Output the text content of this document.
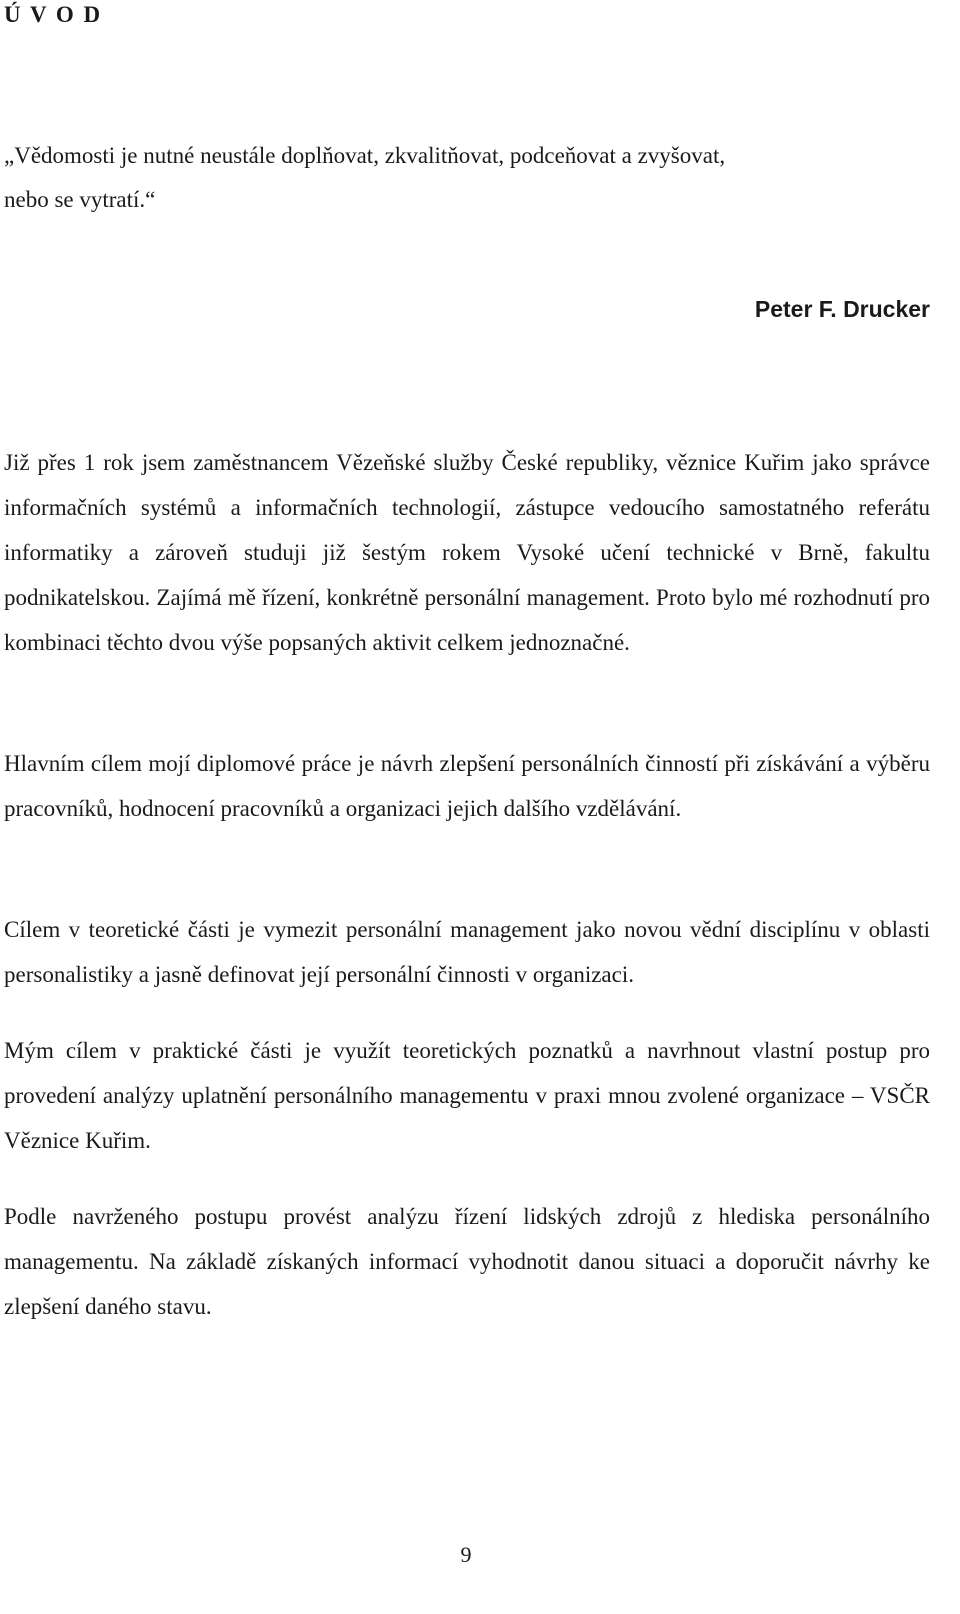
Ú V O D

„Vědomosti je nutné neustále doplňovat, zkvalitňovat, podceňovat a zvyšovat,
nebo se vytratí.“

Peter F. Drucker

Již přes 1 rok jsem zaměstnancem Vězeňské služby České republiky, věznice Kuřim jako správce informačních systémů a informačních technologií, zástupce vedoucího samostatného referátu informatiky a zároveň studuji již šestým rokem Vysoké učení technické v Brně, fakultu podnikatelskou. Zajímá mě řízení, konkrétně personální management. Proto bylo mé rozhodnutí pro kombinaci těchto dvou výše popsaných aktivit celkem jednoznačné.

Hlavním cílem mojí diplomové práce je návrh zlepšení personálních činností při získávání a výběru pracovníků, hodnocení pracovníků a organizaci jejich dalšího vzdělávání.

Cílem v teoretické části je vymezit personální management jako novou vědní disciplínu v oblasti personalistiky a jasně definovat její personální činnosti v organizaci.

Mým cílem v praktické části je využít teoretických poznatků a navrhnout vlastní postup pro provedení analýzy uplatnění personálního managementu v praxi mnou zvolené organizace – VSČR Věznice Kuřim.

Podle navrženého postupu provést analýzu řízení lidských zdrojů z hlediska personálního managementu. Na základě získaných informací vyhodnotit danou situaci a doporučit návrhy ke zlepšení daného stavu.

9
